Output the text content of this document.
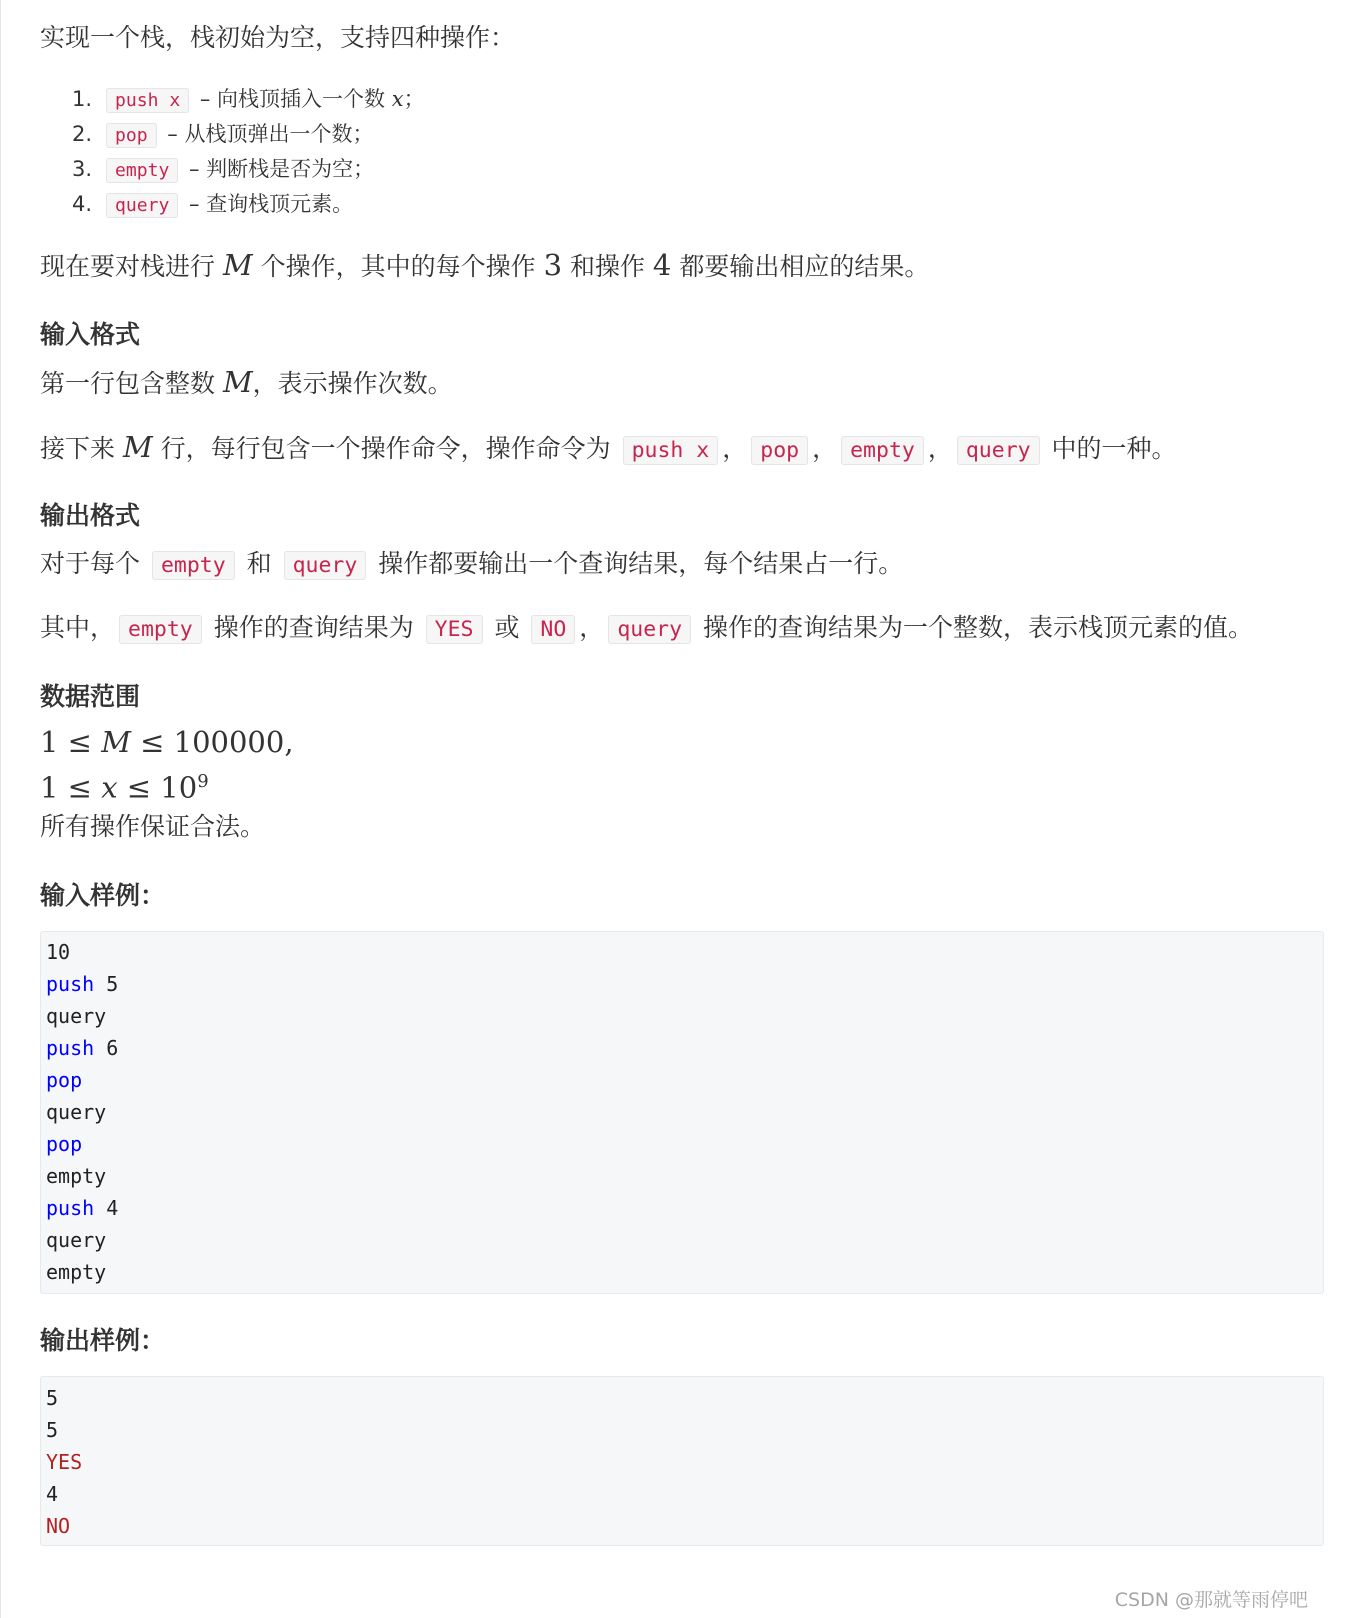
实现一个栈，栈初始为空，支持四种操作：
1. push x – 向栈顶插入一个数 x；
2. pop – 从栈顶弹出一个数；
3. empty – 判断栈是否为空；
4. query – 查询栈顶元素。
现在要对栈进行 M 个操作，其中的每个操作 3 和操作 4 都要输出相应的结果。
输入格式
第一行包含整数 M，表示操作次数。
接下来 M 行，每行包含一个操作命令，操作命令为 push x ， pop ， empty ， query 中的一种。
输出格式
对于每个 empty 和 query 操作都要输出一个查询结果，每个结果占一行。
其中， empty 操作的查询结果为 YES 或 NO ， query 操作的查询结果为一个整数，表示栈顶元素的值。
数据范围
1 ≤ M ≤ 100000,
$1 \le x \le 10^9$
所有操作保证合法。
输入样例：
10
push 5
query
push 6
pop
query
pop
empty
push 4
query
empty
输出样例：
5
5
YES
4
NO
CSDN @那就等雨停吧
